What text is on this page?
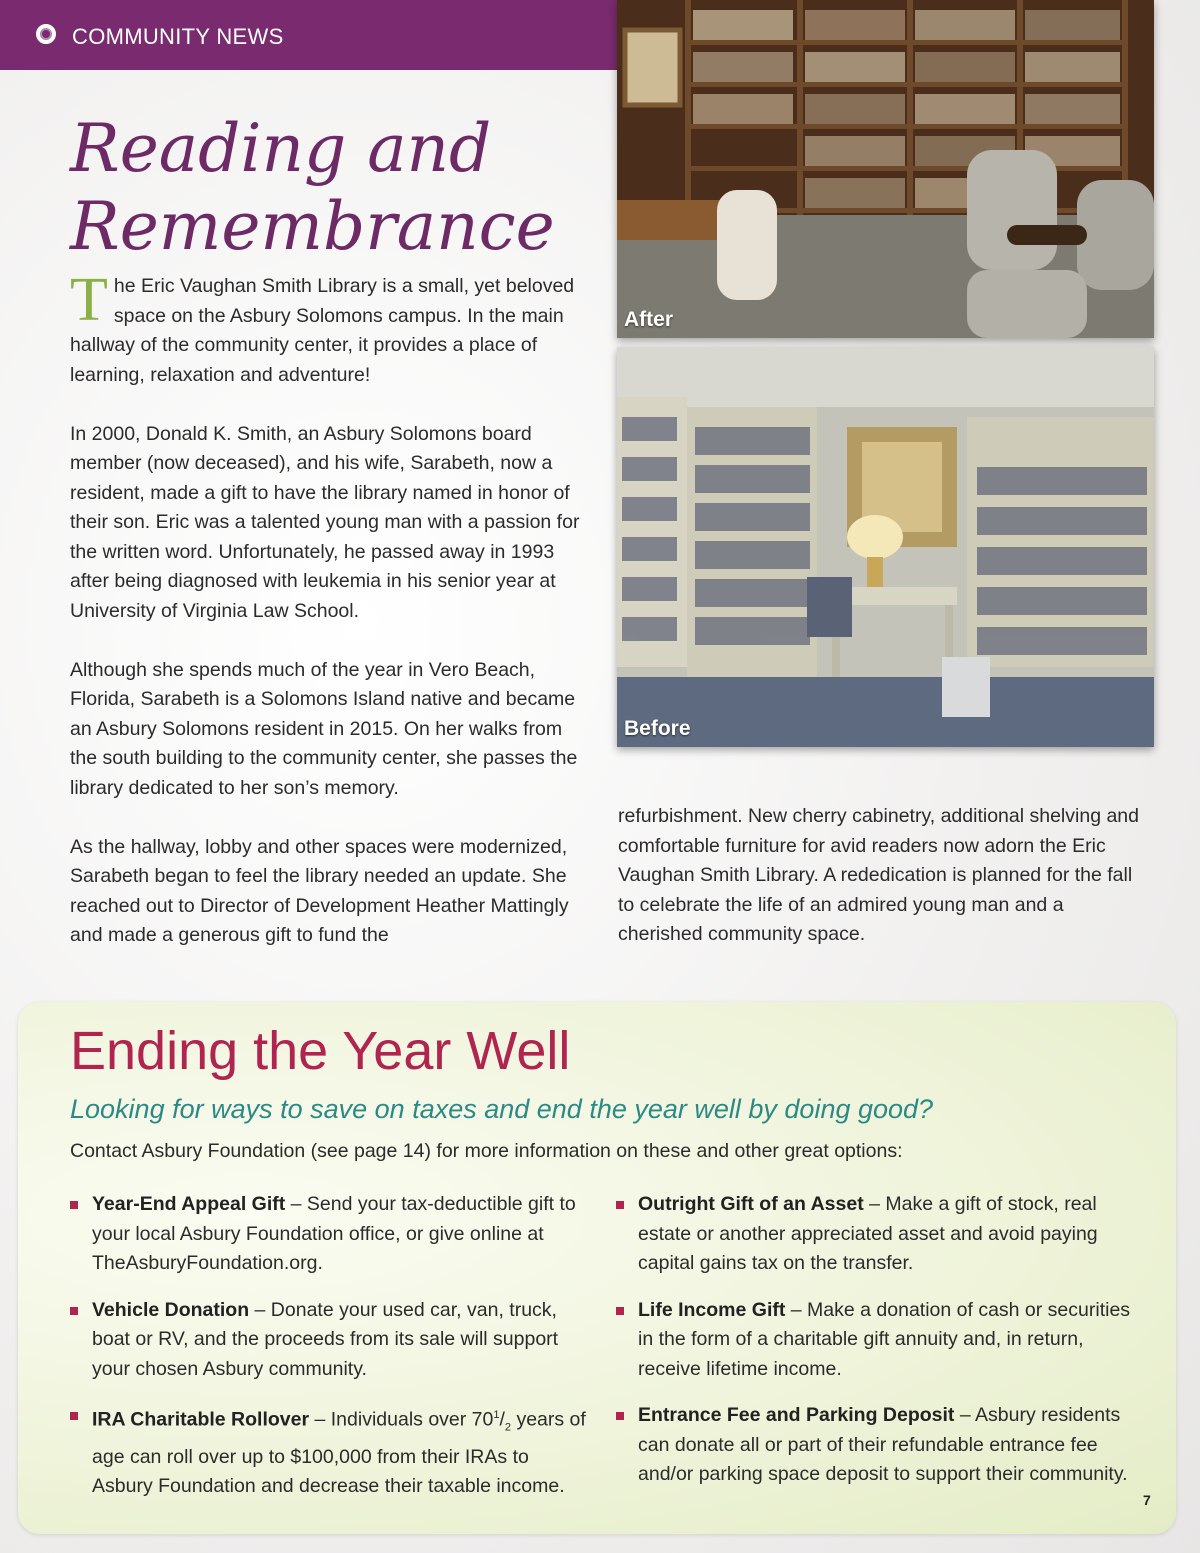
COMMUNITY NEWS
Reading and
Remembrance

The Eric Vaughan Smith Library is a small, yet beloved space on the Asbury Solomons campus. In the main hallway of the community center, it provides a place of learning, relaxation and adventure!

In 2000, Donald K. Smith, an Asbury Solomons board member (now deceased), and his wife, Sarabeth, now a resident, made a gift to have the library named in honor of their son. Eric was a talented young man with a passion for the written word. Unfortunately, he passed away in 1993 after being diagnosed with leukemia in his senior year at University of Virginia Law School.

Although she spends much of the year in Vero Beach, Florida, Sarabeth is a Solomons Island native and became an Asbury Solomons resident in 2015. On her walks from the south building to the community center, she passes the library dedicated to her son’s memory.

As the hallway, lobby and other spaces were modernized, Sarabeth began to feel the library needed an update. She reached out to Director of Development Heather Mattingly and made a generous gift to fund the

After
Before

refurbishment. New cherry cabinetry, additional shelving and comfortable furniture for avid readers now adorn the Eric Vaughan Smith Library. A rededication is planned for the fall to celebrate the life of an admired young man and a cherished community space.

Ending the Year Well

Looking for ways to save on taxes and end the year well by doing good?

Contact Asbury Foundation (see page 14) for more information on these and other great options:
Year-End Appeal Gift – Send your tax-deductible gift to your local Asbury Foundation office, or give online at TheAsburyFoundation.org.
Vehicle Donation – Donate your used car, van, truck, boat or RV, and the proceeds from its sale will support your chosen Asbury community.
IRA Charitable Rollover – Individuals over $70^1/_2$ years of age can roll over up to $100,000 from their IRAs to Asbury Foundation and decrease their taxable income.
Outright Gift of an Asset – Make a gift of stock, real estate or another appreciated asset and avoid paying capital gains tax on the transfer.
Life Income Gift – Make a donation of cash or securities in the form of a charitable gift annuity and, in return, receive lifetime income.
Entrance Fee and Parking Deposit – Asbury residents can donate all or part of their refundable entrance fee and/or parking space deposit to support their community.
7
